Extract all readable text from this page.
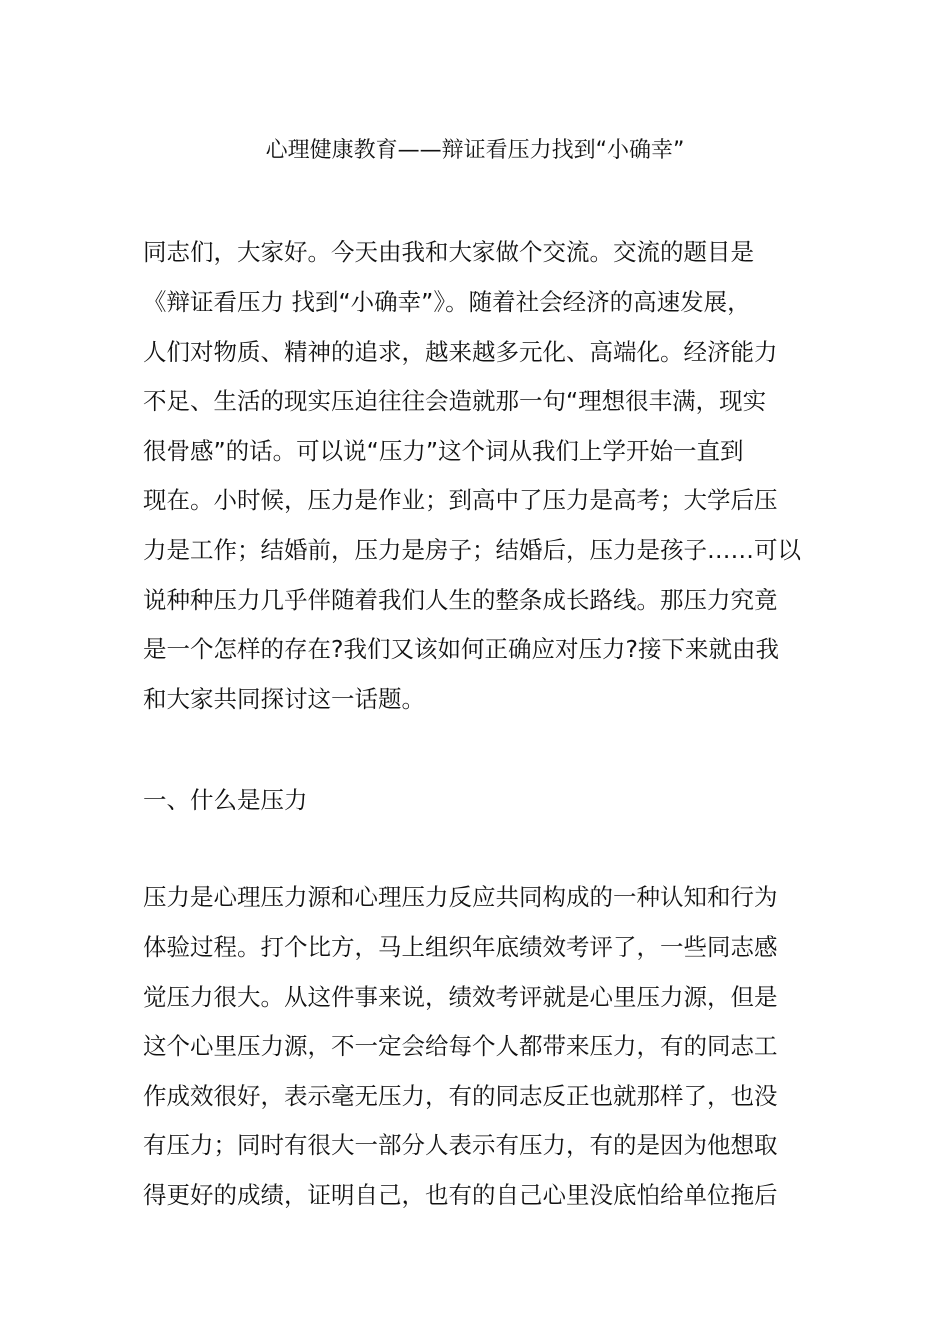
心理健康教育——辩证看压力找到“小确幸”
同志们，大家好。今天由我和大家做个交流。交流的题目是
《辩证看压力 找到“小确幸”》。随着社会经济的高速发展，
人们对物质、精神的追求，越来越多元化、高端化。经济能力
不足、生活的现实压迫往往会造就那一句“理想很丰满，现实
很骨感”的话。可以说“压力”这个词从我们上学开始一直到
现在。小时候，压力是作业；到高中了压力是高考；大学后压
力是工作；结婚前，压力是房子；结婚后，压力是孩子……可以
说种种压力几乎伴随着我们人生的整条成长路线。那压力究竟
是一个怎样的存在?我们又该如何正确应对压力?接下来就由我
和大家共同探讨这一话题。
一、什么是压力
压力是心理压力源和心理压力反应共同构成的一种认知和行为
体验过程。打个比方，马上组织年底绩效考评了，一些同志感
觉压力很大。从这件事来说，绩效考评就是心里压力源，但是
这个心里压力源，不一定会给每个人都带来压力，有的同志工
作成效很好，表示毫无压力，有的同志反正也就那样了，也没
有压力；同时有很大一部分人表示有压力，有的是因为他想取
得更好的成绩，证明自己，也有的自己心里没底怕给单位拖后
